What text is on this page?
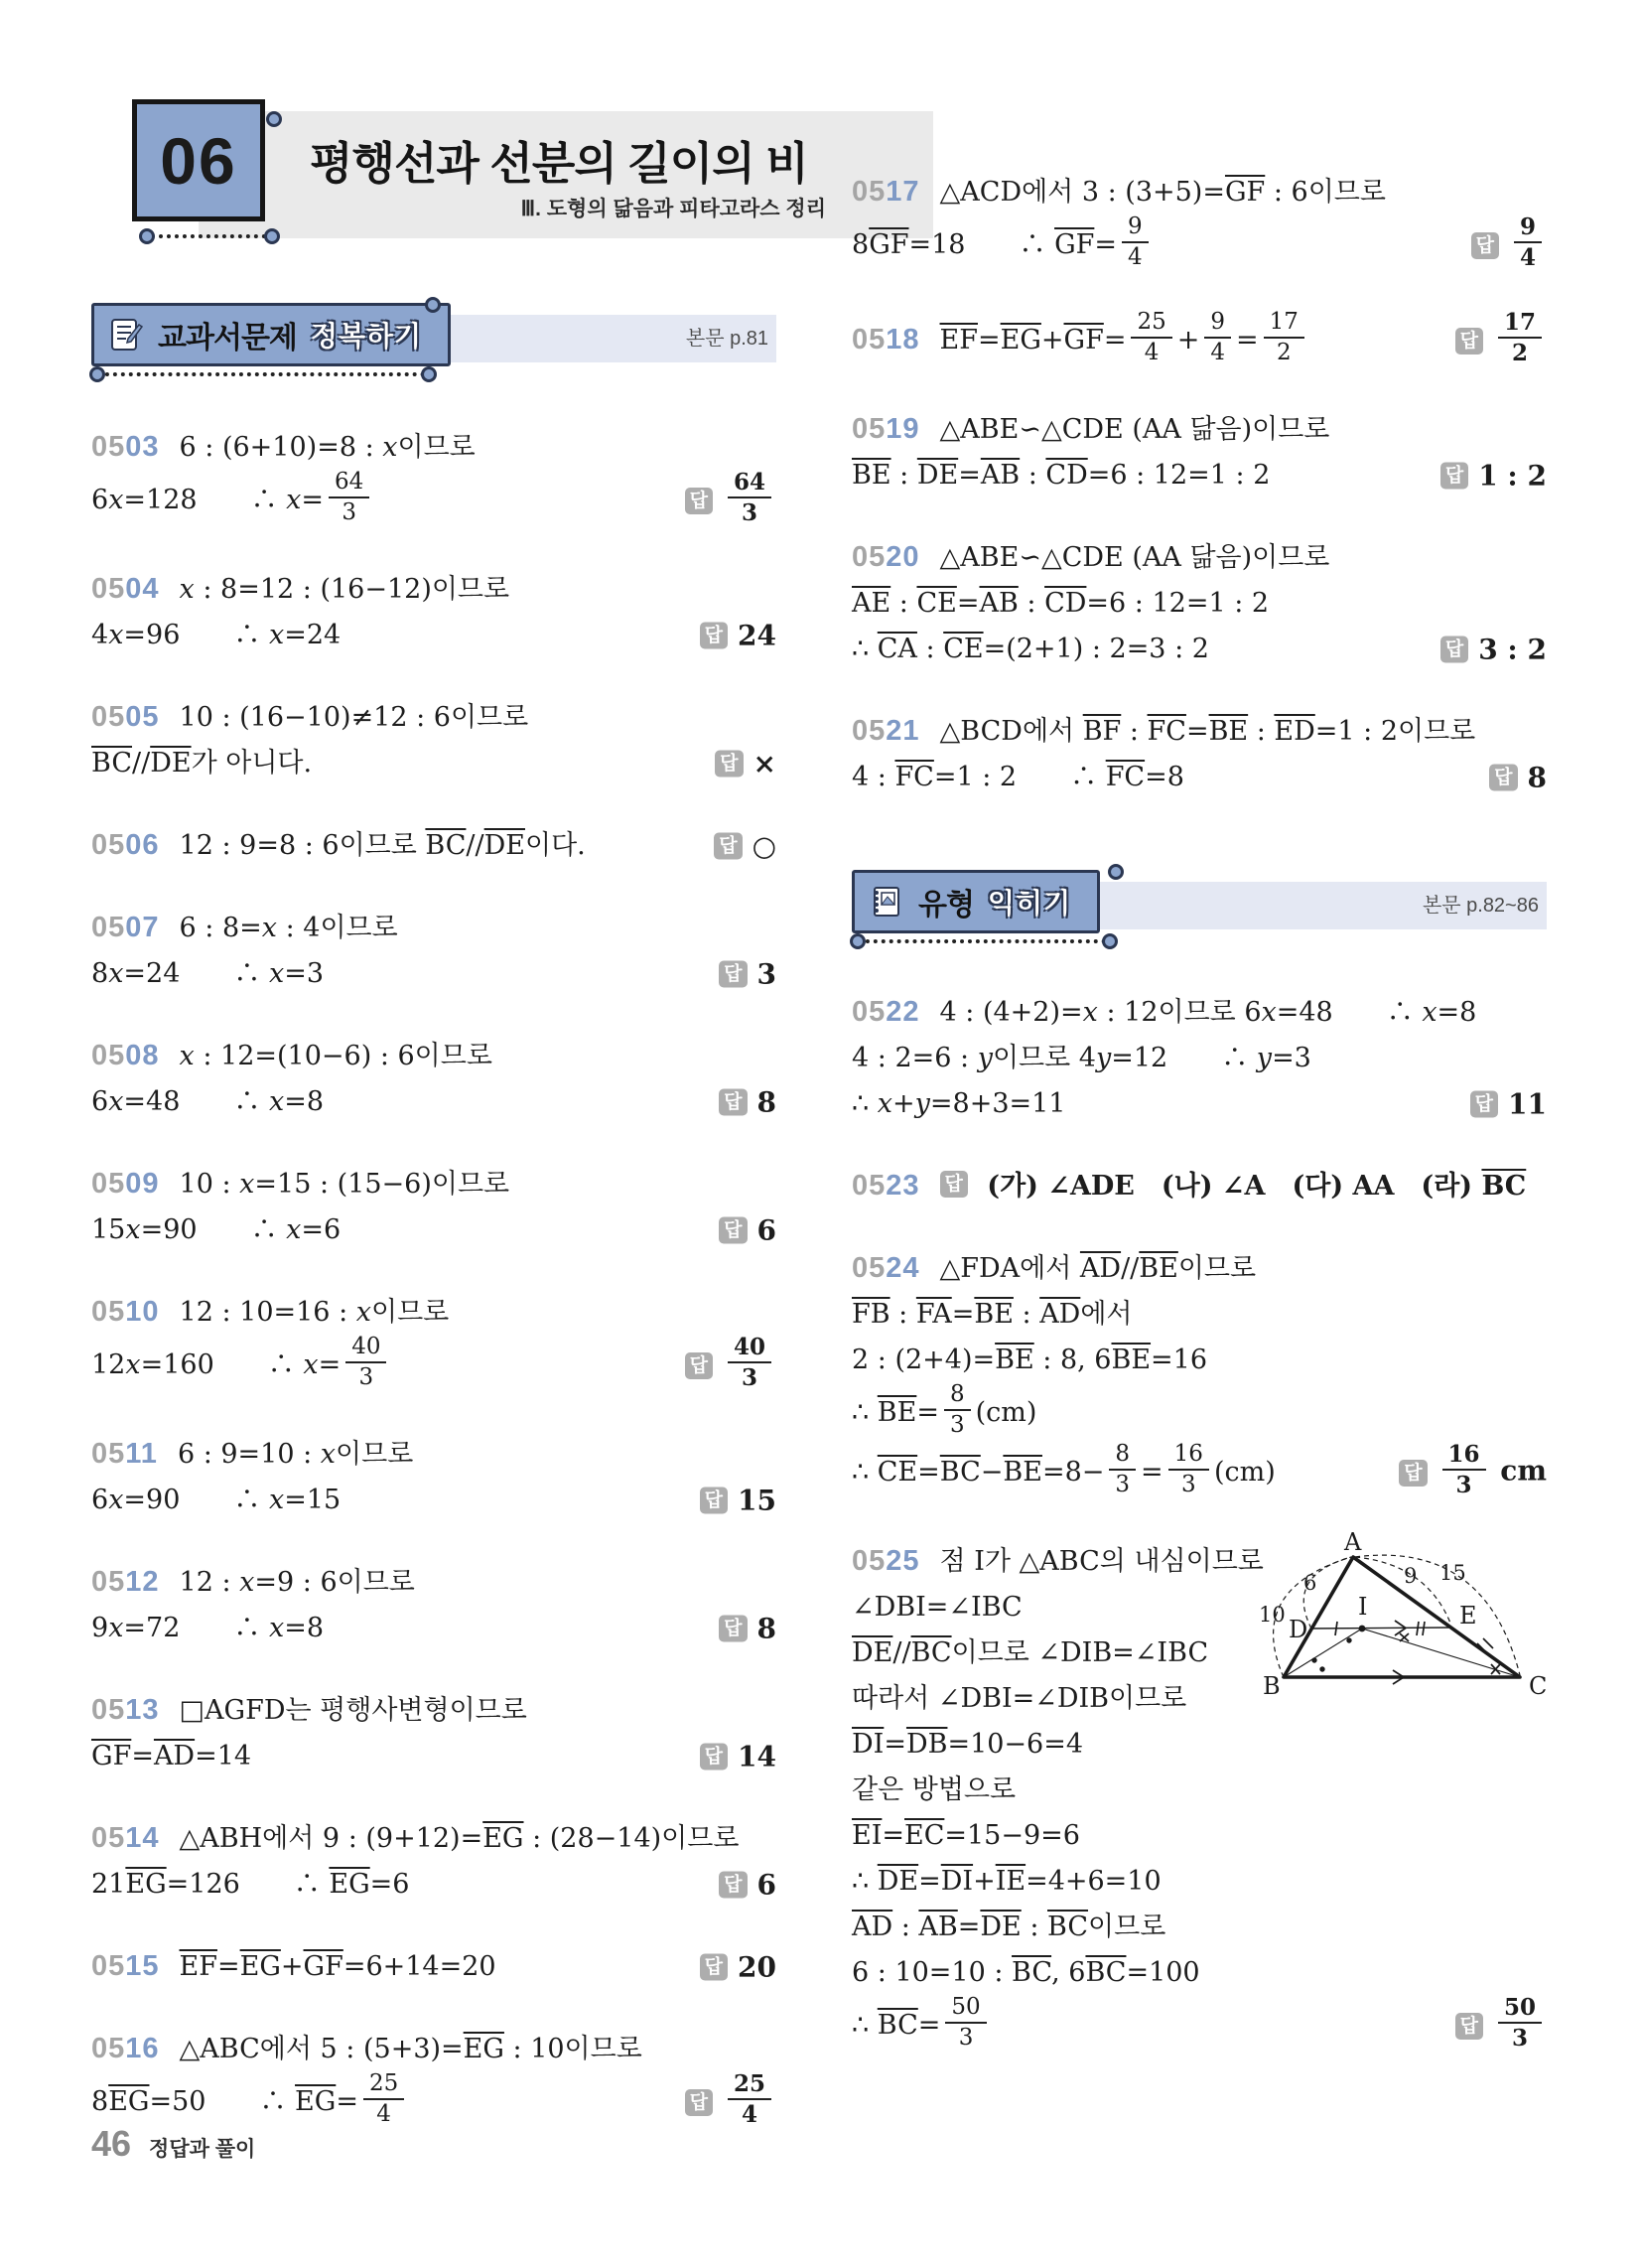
평행선과 선분의 길이의 비
Ⅲ. 도형의 닮음과 피타고라스 정리
06
본문 p.81
교과서문제 정복하기
0503 6 : (6+10)=8 : x이므로
6x=128　　∴ $x= \frac{64}{3}$	답 $\frac{64}{3}$
0504 x : 8=12 : (16−12)이므로
4x=96　　∴ x=24	답 24
0505 10 : (16−10)≠12 : 6이므로
$\overline{BC}//\overline{DE}$가 아니다.	답 ×
0506 12 : 9=8 : 6이므로 $\overline{BC}//\overline{DE}$이다.	답 ○
0507 6 : 8=x : 4이므로
8x=24　　∴ x=3	답 3
0508 x : 12=(10−6) : 6이므로
6x=48　　∴ x=8	답 8
0509 10 : x=15 : (15−6)이므로
15x=90　　∴ x=6	답 6
0510 12 : 10=16 : x이므로
12x=160　　∴ $x= \frac{40}{3}$	답 $\frac{40}{3}$
0511 6 : 9=10 : x이므로
6x=90　　∴ x=15	답 15
0512 12 : x=9 : 6이므로
9x=72　　∴ x=8	답 8
0513 □AGFD는 평행사변형이므로
$\overline{GF}=\overline{AD}=14$	답 14
0514 △ABH에서 9 : $(9+12)=\overline{EG}$ : (28−14)이므로
$21\overline{EG}=126$　　∴ $\overline{EG}=6$	답 6
0515 $\overline{EF}=\overline{EG}+\overline{GF}=6+14=20$	답 20
0516 △ABC에서 5 : $(5+3)=\overline{EG}$ : 10이므로
$8\overline{EG}=50$　　∴ $\overline{EG}= \frac{25}{4}$	답 $\frac{25}{4}$
0517 △ACD에서 3 : $(3+5)=\overline{GF}$ : 6이므로
$8\overline{GF}=18$　　∴ $\overline{GF}= \frac{9}{4}$	답 $\frac{9}{4}$
0518 $\overline{EF}=\overline{EG}+\overline{GF}= \frac{25}{4} + \frac{9}{4} = \frac{17}{2}$	답 $\frac{17}{2}$
0519 △ABE∽△CDE (AA 닮음)이므로
$\overline{BE}$ : $\overline{DE}=\overline{AB}$ : $\overline{CD}=6$ : 12=1 : 2	답 1 : 2
0520 △ABE∽△CDE (AA 닮음)이므로
$\overline{AE}$ : $\overline{CE}=\overline{AB}$ : $\overline{CD}=6$ : 12=1 : 2
∴ $\overline{CA}$ : $\overline{CE}=(2+1)$ : 2=3 : 2	답 3 : 2
0521 △BCD에서 $\overline{BF}$ : $\overline{FC}=\overline{BE}$ : $\overline{ED}=1$ : 2이므로
4 : $\overline{FC}=1$ : 2　　∴ $\overline{FC}=8$	답 8
본문 p.82~86
유형 익히기
0522 4 : (4+2)=x : 12이므로 6x=48　　∴ x=8
4 : 2=6 : y이므로 4y=12　　∴ y=3
∴ x+y=8+3=11	답 11
0523 답 (가) ∠ADE　(나) ∠A　(다) AA　(라) $\overline{BC}$
0524 △FDA에서 $\overline{AD}//\overline{BE}$이므로
$\overline{FB}$ : $\overline{FA}=\overline{BE}$ : $\overline{AD}$에서
2 : $(2+4)=\overline{BE}$ : 8, $6\overline{BE}=16$
∴ $\overline{BE}= \frac{8}{3} (cm)$
∴ $\overline{CE}=\overline{BC}-\overline{BE}=8- \frac{8}{3} = \frac{16}{3} (cm)$	답 $\frac{16}{3}$ cm
0525 점 I가 △ABC의 내심이므로
∠DBI=∠IBC
$\overline{DE}//\overline{BC}$이므로 ∠DIB=∠IBC
따라서 ∠DBI=∠DIB이므로
$\overline{DI}=\overline{DB}=10-6=4$
같은 방법으로
$\overline{EI}=\overline{EC}=15-9=6$
∴ $\overline{DE}=\overline{DI}+\overline{IE}=4+6=10$
$\overline{AD}$ : $\overline{AB}=\overline{DE}$ : $\overline{BC}$이므로
6 : 10=10 : $\overline{BC}$, $6\overline{BC}=100$
∴ $\overline{BC}= \frac{50}{3}$	답 $\frac{50}{3}$
A
B	C
D	E
I
10
6	9 15
46 정답과 풀이
